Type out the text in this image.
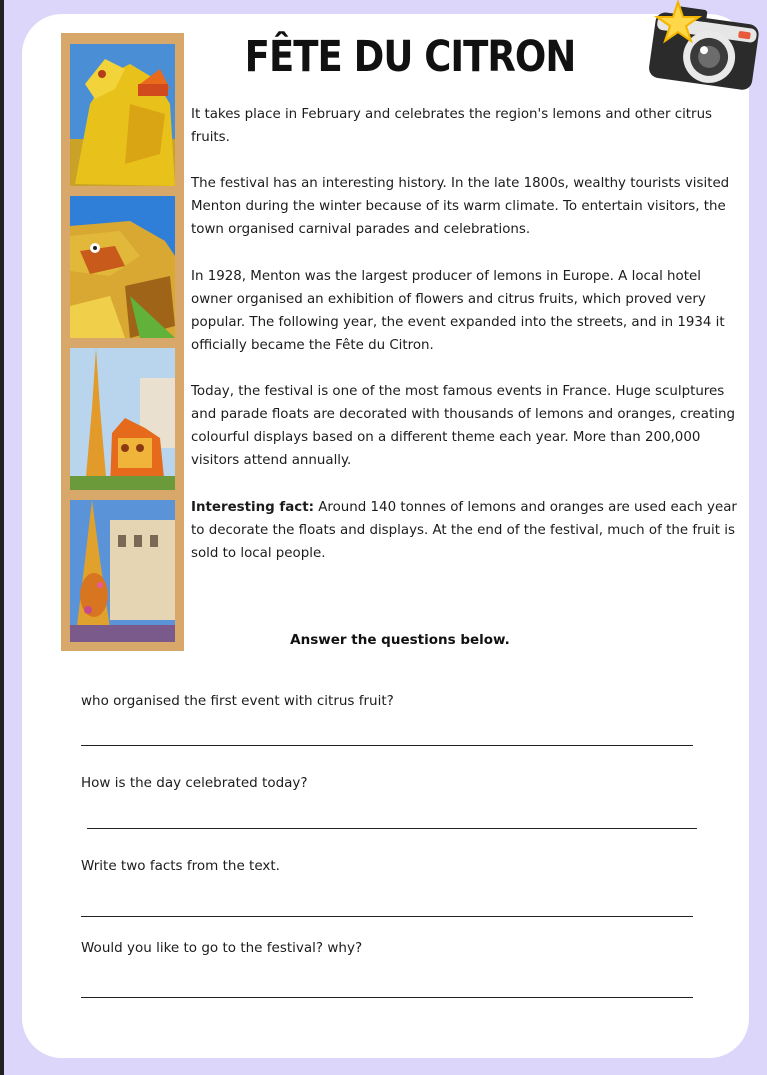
FÊTE DU CITRON
It takes place in February and celebrates the region's lemons and other citrus fruits.
The festival has an interesting history. In the late 1800s, wealthy tourists visited Menton during the winter because of its warm climate. To entertain visitors, the town organised carnival parades and celebrations.
In 1928, Menton was the largest producer of lemons in Europe. A local hotel owner organised an exhibition of flowers and citrus fruits, which proved very popular. The following year, the event expanded into the streets, and in 1934 it officially became the Fête du Citron.
Today, the festival is one of the most famous events in France. Huge sculptures and parade floats are decorated with thousands of lemons and oranges, creating colourful displays based on a different theme each year. More than 200,000 visitors attend annually.
Interesting fact: Around 140 tonnes of lemons and oranges are used each year to decorate the floats and displays. At the end of the festival, much of the fruit is sold to local people.
Answer the questions below.
who organised the first event with citrus fruit?
How is the day celebrated today?
Write two facts from the text.
Would you like to go to the festival? why?
